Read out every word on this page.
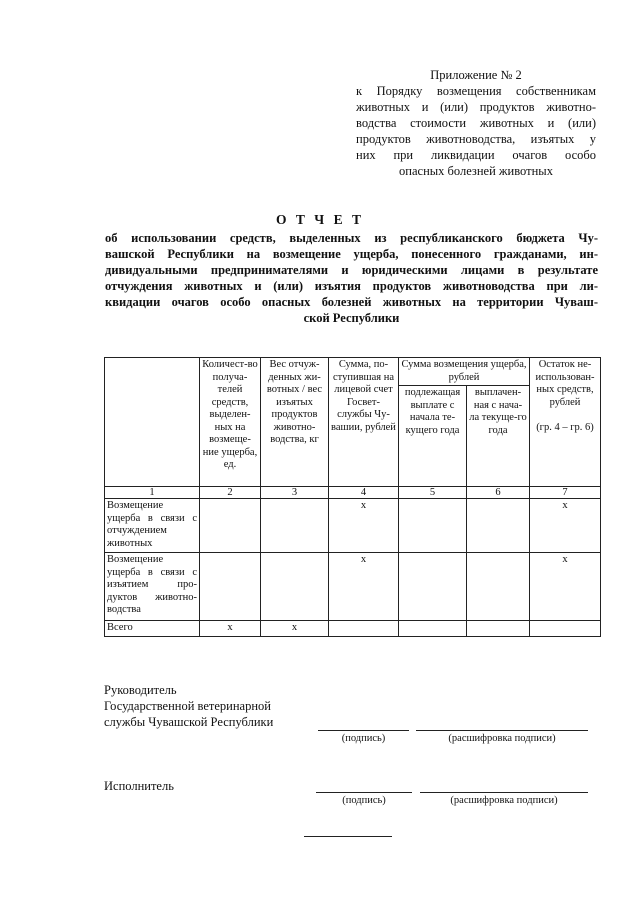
Приложение № 2
к Порядку возмещения собственникам
животных и (или) продуктов животно-
водства стоимости животных и (или)
продуктов животноводства, изъятых у
них при ликвидации очагов особо
опасных болезней животных
О Т Ч Е Т
об использовании средств, выделенных из республиканского бюджета Чу-
вашской Республики на возмещение ущерба, понесенного гражданами, ин-
дивидуальными предпринимателями и юридическими лицами в результате
отчуждения животных и (или) изъятия продуктов животноводства при ли-
квидации очагов особо опасных болезней животных на территории Чуваш-
ской Республики
	Количест-во получа-телей средств, выделен-ных на возмеще-ние ущерба, ед.	Вес отчуж-денных жи-вотных / вес изъятых продуктов животно-водства, кг	Сумма, по-ступившая на лицевой счет Госвет-службы Чу-вашии, рублей	Сумма возмещения ущерба, рублей		Остаток не-использован-ных средств, рублей

(гр. 4 – гр. 6)
				подлежащая выплате с начала те-кущего года	выплачен-ная с нача-ла текуще-го года	
1	2	3	4	5	6	7
Возмещение ущерба в связи с отчуждением животных			х			х
Возмещение ущерба в связи с изъятием про-дуктов животно-водства			х			х
Всего	х	х				
Руководитель
Государственной ветеринарной
службы Чувашской Республики
(подпись)	(расшифровка подписи)
Исполнитель
(подпись)	(расшифровка подписи)
